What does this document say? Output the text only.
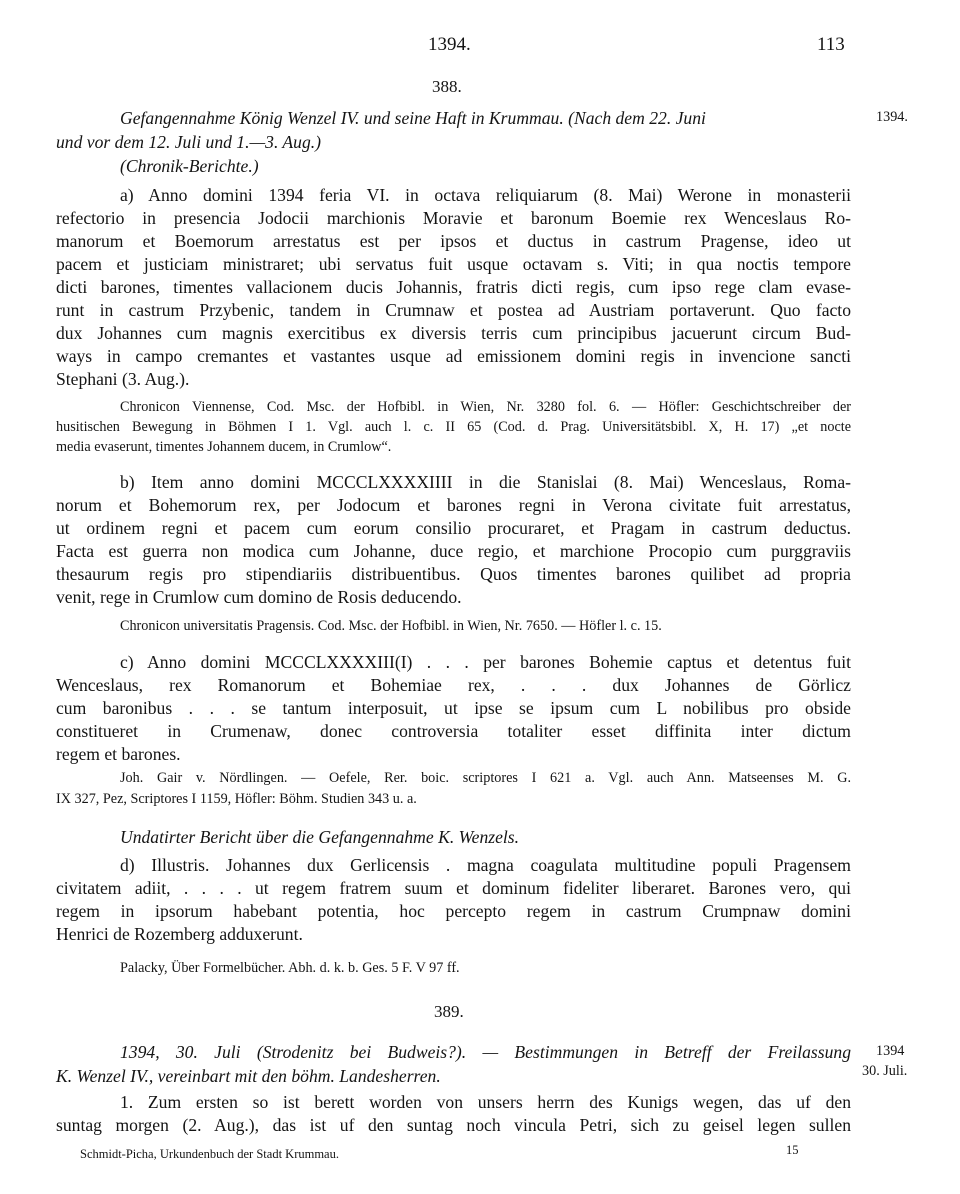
1394.	113
388.
Gefangennahme König Wenzel IV. und seine Haft in Krummau. (Nach dem 22. Juni
und vor dem 12. Juli und 1.—3. Aug.)
(Chronik-Berichte.)
1394.
a) Anno domini 1394 feria VI. in octava reliquiarum (8. Mai) Werone in monasterii
refectorio in presencia Jodocii marchionis Moravie et baronum Boemie rex Wenceslaus Ro-
manorum et Boemorum arrestatus est per ipsos et ductus in castrum Pragense, ideo ut
pacem et justiciam ministraret; ubi servatus fuit usque octavam s. Viti; in qua noctis tempore
dicti barones, timentes vallacionem ducis Johannis, fratris dicti regis, cum ipso rege clam evase-
runt in castrum Przybenic, tandem in Crumnaw et postea ad Austriam portaverunt. Quo facto
dux Johannes cum magnis exercitibus ex diversis terris cum principibus jacuerunt circum Bud-
ways in campo cremantes et vastantes usque ad emissionem domini regis in invencione sancti
Stephani (3. Aug.).
Chronicon Viennense, Cod. Msc. der Hofbibl. in Wien, Nr. 3280 fol. 6. — Höfler: Geschichtschreiber der
husitischen Bewegung in Böhmen I 1. Vgl. auch l. c. II 65 (Cod. d. Prag. Universitätsbibl. X, H. 17) „et nocte
media evaserunt, timentes Johannem ducem, in Crumlow“.
b) Item anno domini MCCCLXXXXIIII in die Stanislai (8. Mai) Wenceslaus, Roma-
norum et Bohemorum rex, per Jodocum et barones regni in Verona civitate fuit arrestatus,
ut ordinem regni et pacem cum eorum consilio procuraret, et Pragam in castrum deductus.
Facta est guerra non modica cum Johanne, duce regio, et marchione Procopio cum purggraviis
thesaurum regis pro stipendiariis distribuentibus. Quos timentes barones quilibet ad propria
venit, rege in Crumlow cum domino de Rosis deducendo.
Chronicon universitatis Pragensis. Cod. Msc. der Hofbibl. in Wien, Nr. 7650. — Höfler l. c. 15.
c) Anno domini MCCCLXXXXIII(I) . . . per barones Bohemie captus et detentus fuit
Wenceslaus, rex Romanorum et Bohemiae rex, . . . dux Johannes de Görlicz
cum baronibus . . . se tantum interposuit, ut ipse se ipsum cum L nobilibus pro obside
constitueret in Crumenaw, donec controversia totaliter esset diffinita inter dictum
regem et barones.
Joh. Gair v. Nördlingen. — Oefele, Rer. boic. scriptores I 621 a. Vgl. auch Ann. Matseenses M. G.
IX 327, Pez, Scriptores I 1159, Höfler: Böhm. Studien 343 u. a.
Undatirter Bericht über die Gefangennahme K. Wenzels.
d) Illustris. Johannes dux Gerlicensis . magna coagulata multitudine populi Pragensem
civitatem adiit, . . . . ut regem fratrem suum et dominum fideliter liberaret. Barones vero, qui
regem in ipsorum habebant potentia, hoc percepto regem in castrum Crumpnaw domini
Henrici de Rozemberg adduxerunt.
Palacky, Über Formelbücher. Abh. d. k. b. Ges. 5 F. V 97 ff.
389.
1394, 30. Juli (Strodenitz bei Budweis?). — Bestimmungen in Betreff der Freilassung
K. Wenzel IV., vereinbart mit den böhm. Landesherren.
1394
30. Juli.
1. Zum ersten so ist berett worden von unsers herrn des Kunigs wegen, das uf den
suntag morgen (2. Aug.), das ist uf den suntag noch vincula Petri, sich zu geisel legen sullen
Schmidt-Picha, Urkundenbuch der Stadt Krummau.	15
